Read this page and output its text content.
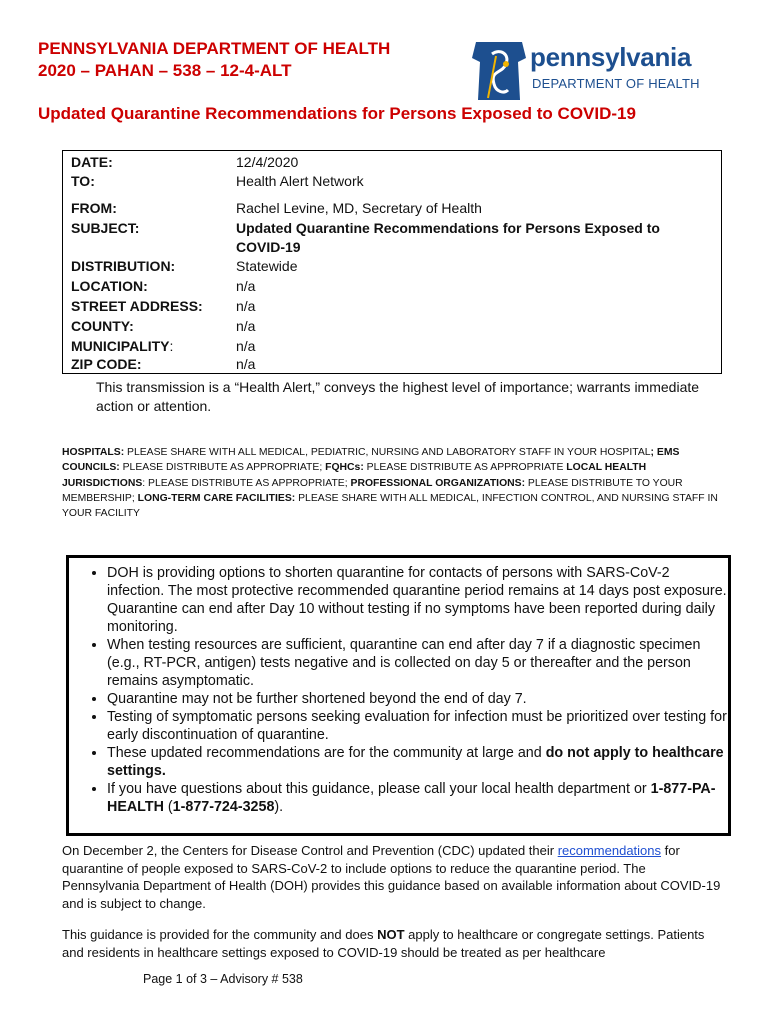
PENNSYLVANIA DEPARTMENT OF HEALTH
2020 – PAHAN – 538 – 12-4-ALT	pennsylvania
DEPARTMENT OF HEALTH
Updated Quarantine Recommendations for Persons Exposed to COVID-19
DATE:	12/4/2020
TO:	Health Alert Network
FROM:	Rachel Levine, MD, Secretary of Health
SUBJECT:	Updated Quarantine Recommendations for Persons Exposed to
COVID-19
DISTRIBUTION:	Statewide
LOCATION:	n/a
STREET ADDRESS: n/a
COUNTY:	n/a
MUNICIPALITY:	n/a
ZIP CODE:	n/a
This transmission is a “Health Alert,” conveys the highest level of importance; warrants immediate action or attention.
HOSPITALS: PLEASE SHARE WITH ALL MEDICAL, PEDIATRIC, NURSING AND LABORATORY STAFF IN YOUR HOSPITAL; EMS COUNCILS: PLEASE DISTRIBUTE AS APPROPRIATE; FQHCs: PLEASE DISTRIBUTE AS APPROPRIATE LOCAL HEALTH JURISDICTIONS: PLEASE DISTRIBUTE AS APPROPRIATE; PROFESSIONAL ORGANIZATIONS: PLEASE DISTRIBUTE TO YOUR MEMBERSHIP; LONG-TERM CARE FACILITIES: PLEASE SHARE WITH ALL MEDICAL, INFECTION CONTROL, AND NURSING STAFF IN YOUR FACILITY
• DOH is providing options to shorten quarantine for contacts of persons with SARS-CoV-2 infection. The most protective recommended quarantine period remains at 14 days post exposure.
Quarantine can end after Day 10 without testing if no symptoms have been reported during daily monitoring.
• When testing resources are sufficient, quarantine can end after day 7 if a diagnostic specimen (e.g., RT-PCR, antigen) tests negative and is collected on day 5 or thereafter and the person remains asymptomatic.
• Quarantine may not be further shortened beyond the end of day 7.
• Testing of symptomatic persons seeking evaluation for infection must be prioritized over testing for early discontinuation of quarantine.
• These updated recommendations are for the community at large and do not apply to healthcare settings.
• If you have questions about this guidance, please call your local health department or 1-877-PA-HEALTH (1-877-724-3258).
On December 2, the Centers for Disease Control and Prevention (CDC) updated their recommendations for quarantine of people exposed to SARS-CoV-2 to include options to reduce the quarantine period. The Pennsylvania Department of Health (DOH) provides this guidance based on available information about COVID-19 and is subject to change.
This guidance is provided for the community and does NOT apply to healthcare or congregate settings. Patients and residents in healthcare settings exposed to COVID-19 should be treated as per healthcare
Page 1 of 3 – Advisory # 538
